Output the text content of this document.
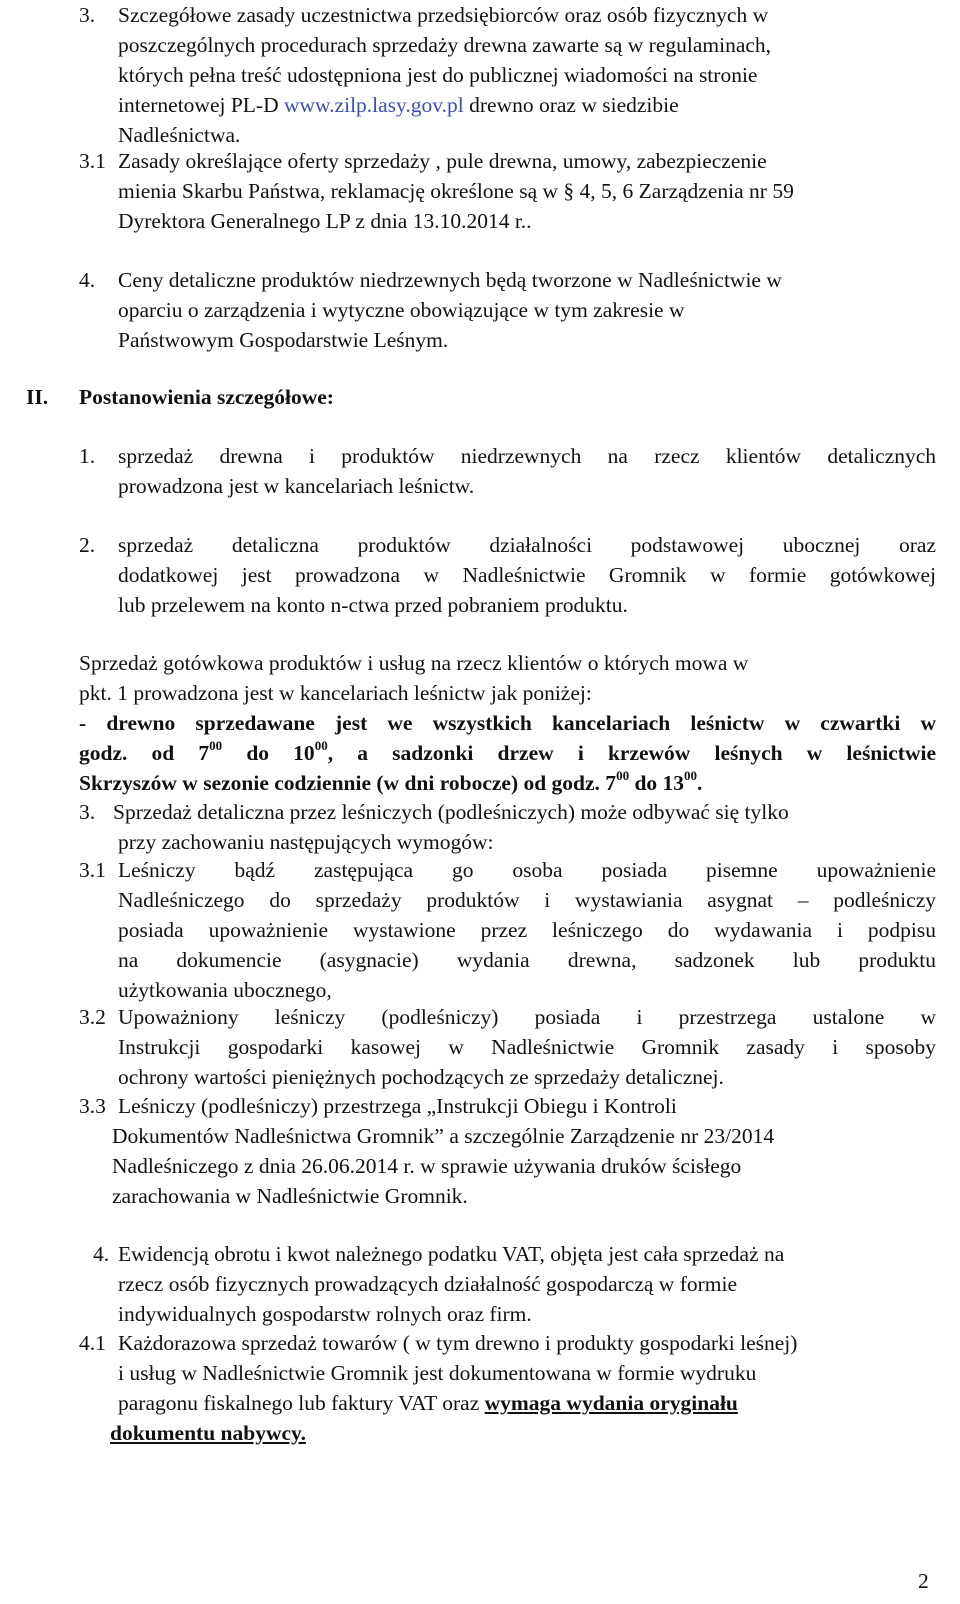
3. Szczegółowe zasady uczestnictwa przedsiębiorców oraz osób fizycznych w
poszczególnych procedurach sprzedaży drewna zawarte są w regulaminach,
których pełna treść udostępniona jest do publicznej wiadomości na stronie
internetowej PL-D www.zilp.lasy.gov.pl drewno oraz w siedzibie
Nadleśnictwa.
3.1 Zasady określające oferty sprzedaży , pule drewna, umowy, zabezpieczenie
mienia Skarbu Państwa, reklamację określone są w § 4, 5, 6 Zarządzenia nr 59
Dyrektora Generalnego LP z dnia 13.10.2014 r..
4. Ceny detaliczne produktów niedrzewnych będą tworzone w Nadleśnictwie w
oparciu o zarządzenia i wytyczne obowiązujące w tym zakresie w
Państwowym Gospodarstwie Leśnym.
II. Postanowienia szczegółowe:
1. sprzedaż drewna i produktów niedrzewnych na rzecz klientów detalicznych
prowadzona jest w kancelariach leśnictw.
2. sprzedaż detaliczna produktów działalności podstawowej ubocznej oraz
dodatkowej jest prowadzona w Nadleśnictwie Gromnik w formie gotówkowej
lub przelewem na konto n-ctwa przed pobraniem produktu.
Sprzedaż gotówkowa produktów i usług na rzecz klientów o których mowa w
pkt. 1 prowadzona jest w kancelariach leśnictw jak poniżej:
- drewno sprzedawane jest we wszystkich kancelariach leśnictw w czwartki w
godz. od $7^{00}$ do $10^{00}$, a sadzonki drzew i krzewów leśnych w leśnictwie
Skrzyszów w sezonie codziennie (w dni robocze) od godz. $7^{00}$ do $13^{00}$.
3. Sprzedaż detaliczna przez leśniczych (podleśniczych) może odbywać się tylko
przy zachowaniu następujących wymogów:
3.1 Leśniczy bądź zastępująca go osoba posiada pisemne upoważnienie
Nadleśniczego do sprzedaży produktów i wystawiania asygnat – podleśniczy
posiada upoważnienie wystawione przez leśniczego do wydawania i podpisu
na dokumencie (asygnacie) wydania drewna, sadzonek lub produktu
użytkowania ubocznego,
3.2 Upoważniony leśniczy (podleśniczy) posiada i przestrzega ustalone w
Instrukcji gospodarki kasowej w Nadleśnictwie Gromnik zasady i sposoby
ochrony wartości pieniężnych pochodzących ze sprzedaży detalicznej.
3.3 Leśniczy (podleśniczy) przestrzega „Instrukcji Obiegu i Kontroli
Dokumentów Nadleśnictwa Gromnik” a szczególnie Zarządzenie nr 23/2014
Nadleśniczego z dnia 26.06.2014 r. w sprawie używania druków ścisłego
zarachowania w Nadleśnictwie Gromnik.
4. Ewidencją obrotu i kwot należnego podatku VAT, objęta jest cała sprzedaż na
rzecz osób fizycznych prowadzących działalność gospodarczą w formie
indywidualnych gospodarstw rolnych oraz firm.
4.1 Każdorazowa sprzedaż towarów ( w tym drewno i produkty gospodarki leśnej)
i usług w Nadleśnictwie Gromnik jest dokumentowana w formie wydruku
paragonu fiskalnego lub faktury VAT oraz wymaga wydania oryginału
dokumentu nabywcy.
2
